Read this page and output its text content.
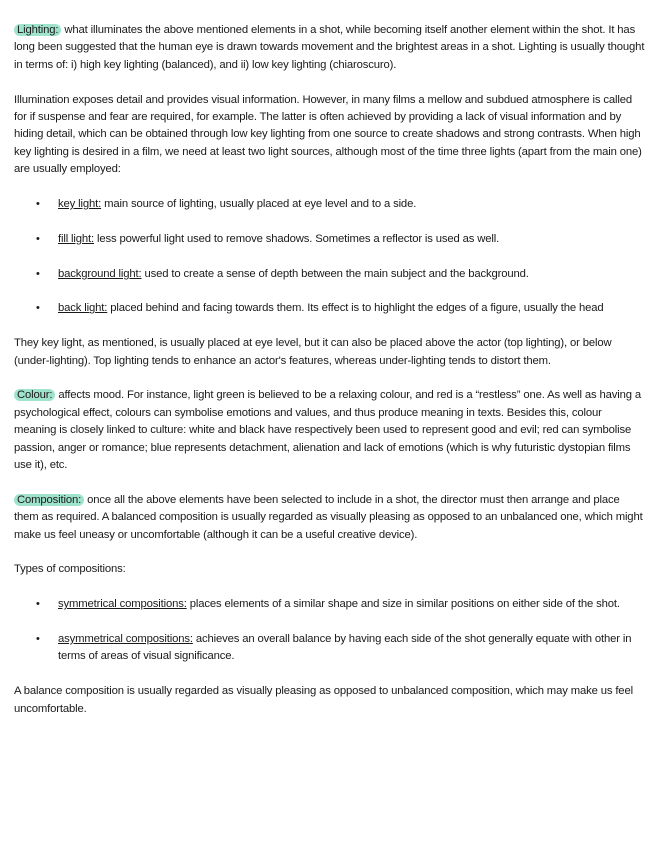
Lighting: what illuminates the above mentioned elements in a shot, while becoming itself another element within the shot. It has long been suggested that the human eye is drawn towards movement and the brightest areas in a shot. Lighting is usually thought in terms of: i) high key lighting (balanced), and ii) low key lighting (chiaroscuro).

Illumination exposes detail and provides visual information. However, in many films a mellow and subdued atmosphere is called for if suspense and fear are required, for example. The latter is often achieved by providing a lack of visual information and by hiding detail, which can be obtained through low key lighting from one source to create shadows and strong contrasts. When high key lighting is desired in a film, we need at least two light sources, although most of the time three lights (apart from the main one) are usually employed:

• key light: main source of lighting, usually placed at eye level and to a side.
• fill light: less powerful light used to remove shadows. Sometimes a reflector is used as well.
• background light: used to create a sense of depth between the main subject and the background.
• back light: placed behind and facing towards them. Its effect is to highlight the edges of a figure, usually the head

They key light, as mentioned, is usually placed at eye level, but it can also be placed above the actor (top lighting), or below (under-lighting). Top lighting tends to enhance an actor's features, whereas under-lighting tends to distort them.

Colour: affects mood. For instance, light green is believed to be a relaxing colour, and red is a “restless” one. As well as having a psychological effect, colours can symbolise emotions and values, and thus produce meaning in texts. Besides this, colour meaning is closely linked to culture: white and black have respectively been used to represent good and evil; red can symbolise passion, anger or romance; blue represents detachment, alienation and lack of emotions (which is why futuristic dystopian films use it), etc.

Composition: once all the above elements have been selected to include in a shot, the director must then arrange and place them as required. A balanced composition is usually regarded as visually pleasing as opposed to an unbalanced one, which might make us feel uneasy or uncomfortable (although it can be a useful creative device).

Types of compositions:

• symmetrical compositions: places elements of a similar shape and size in similar positions on either side of the shot.
• asymmetrical compositions: achieves an overall balance by having each side of the shot generally equate with other in terms of areas of visual significance.

A balance composition is usually regarded as visually pleasing as opposed to unbalanced composition, which may make us feel uncomfortable.
